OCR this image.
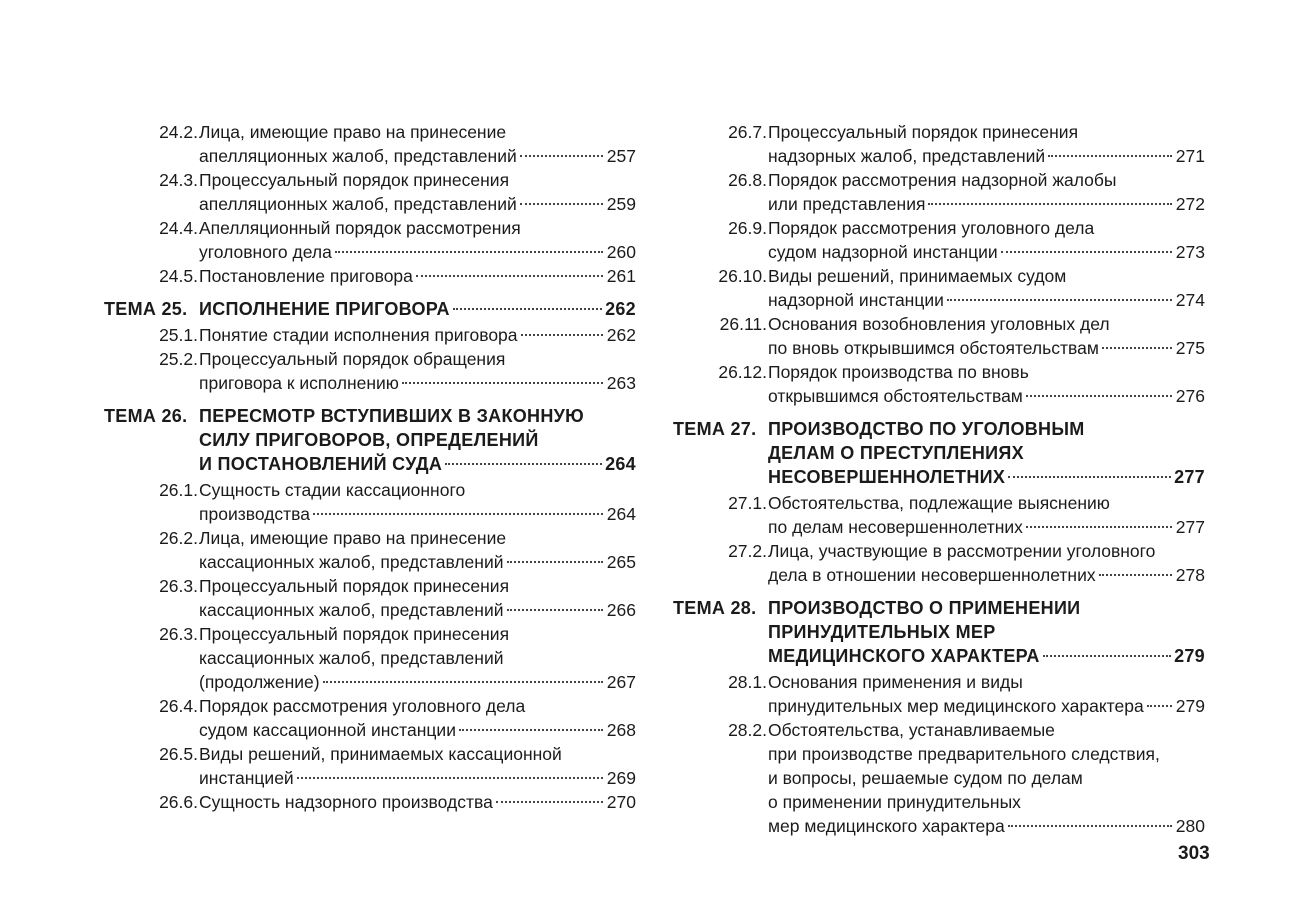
24.2. Лица, имеющие право на принесение
апелляционных жалоб, представлений	257
24.3. Процессуальный порядок принесения
апелляционных жалоб, представлений	259
24.4. Апелляционный порядок рассмотрения
уголовного дела	260
24.5. Постановление приговора	261
ТЕМА 25. ИСПОЛНЕНИЕ ПРИГОВОРА	262
25.1. Понятие стадии исполнения приговора	262
25.2. Процессуальный порядок обращения
приговора к исполнению	263
ТЕМА 26. ПЕРЕСМОТР ВСТУПИВШИХ В ЗАКОННУЮ
СИЛУ ПРИГОВОРОВ, ОПРЕДЕЛЕНИЙ
И ПОСТАНОВЛЕНИЙ СУДА	264
26.1. Сущность стадии кассационного
производства	264
26.2. Лица, имеющие право на принесение
кассационных жалоб, представлений	265
26.3. Процессуальный порядок принесения
кассационных жалоб, представлений	266
26.3. Процессуальный порядок принесения
кассационных жалоб, представлений
(продолжение)	267
26.4. Порядок рассмотрения уголовного дела
судом кассационной инстанции	268
26.5. Виды решений, принимаемых кассационной
инстанцией	269
26.6. Сущность надзорного производства	270
26.7. Процессуальный порядок принесения
надзорных жалоб, представлений	271
26.8. Порядок рассмотрения надзорной жалобы
или представления	272
26.9. Порядок рассмотрения уголовного дела
судом надзорной инстанции	273
26.10. Виды решений, принимаемых судом
надзорной инстанции	274
26.11. Основания возобновления уголовных дел
по вновь открывшимся обстоятельствам	275
26.12. Порядок производства по вновь
открывшимся обстоятельствам	276
ТЕМА 27. ПРОИЗВОДСТВО ПО УГОЛОВНЫМ
ДЕЛАМ О ПРЕСТУПЛЕНИЯХ
НЕСОВЕРШЕННОЛЕТНИХ	277
27.1. Обстоятельства, подлежащие выяснению
по делам несовершеннолетних	277
27.2. Лица, участвующие в рассмотрении уголовного
дела в отношении несовершеннолетних	278
ТЕМА 28. ПРОИЗВОДСТВО О ПРИМЕНЕНИИ
ПРИНУДИТЕЛЬНЫХ МЕР
МЕДИЦИНСКОГО ХАРАКТЕРА	279
28.1. Основания применения и виды
принудительных мер медицинского характера 279
28.2. Обстоятельства, устанавливаемые
при производстве предварительного следствия,
и вопросы, решаемые судом по делам
о применении принудительных
мер медицинского характера	280
303
